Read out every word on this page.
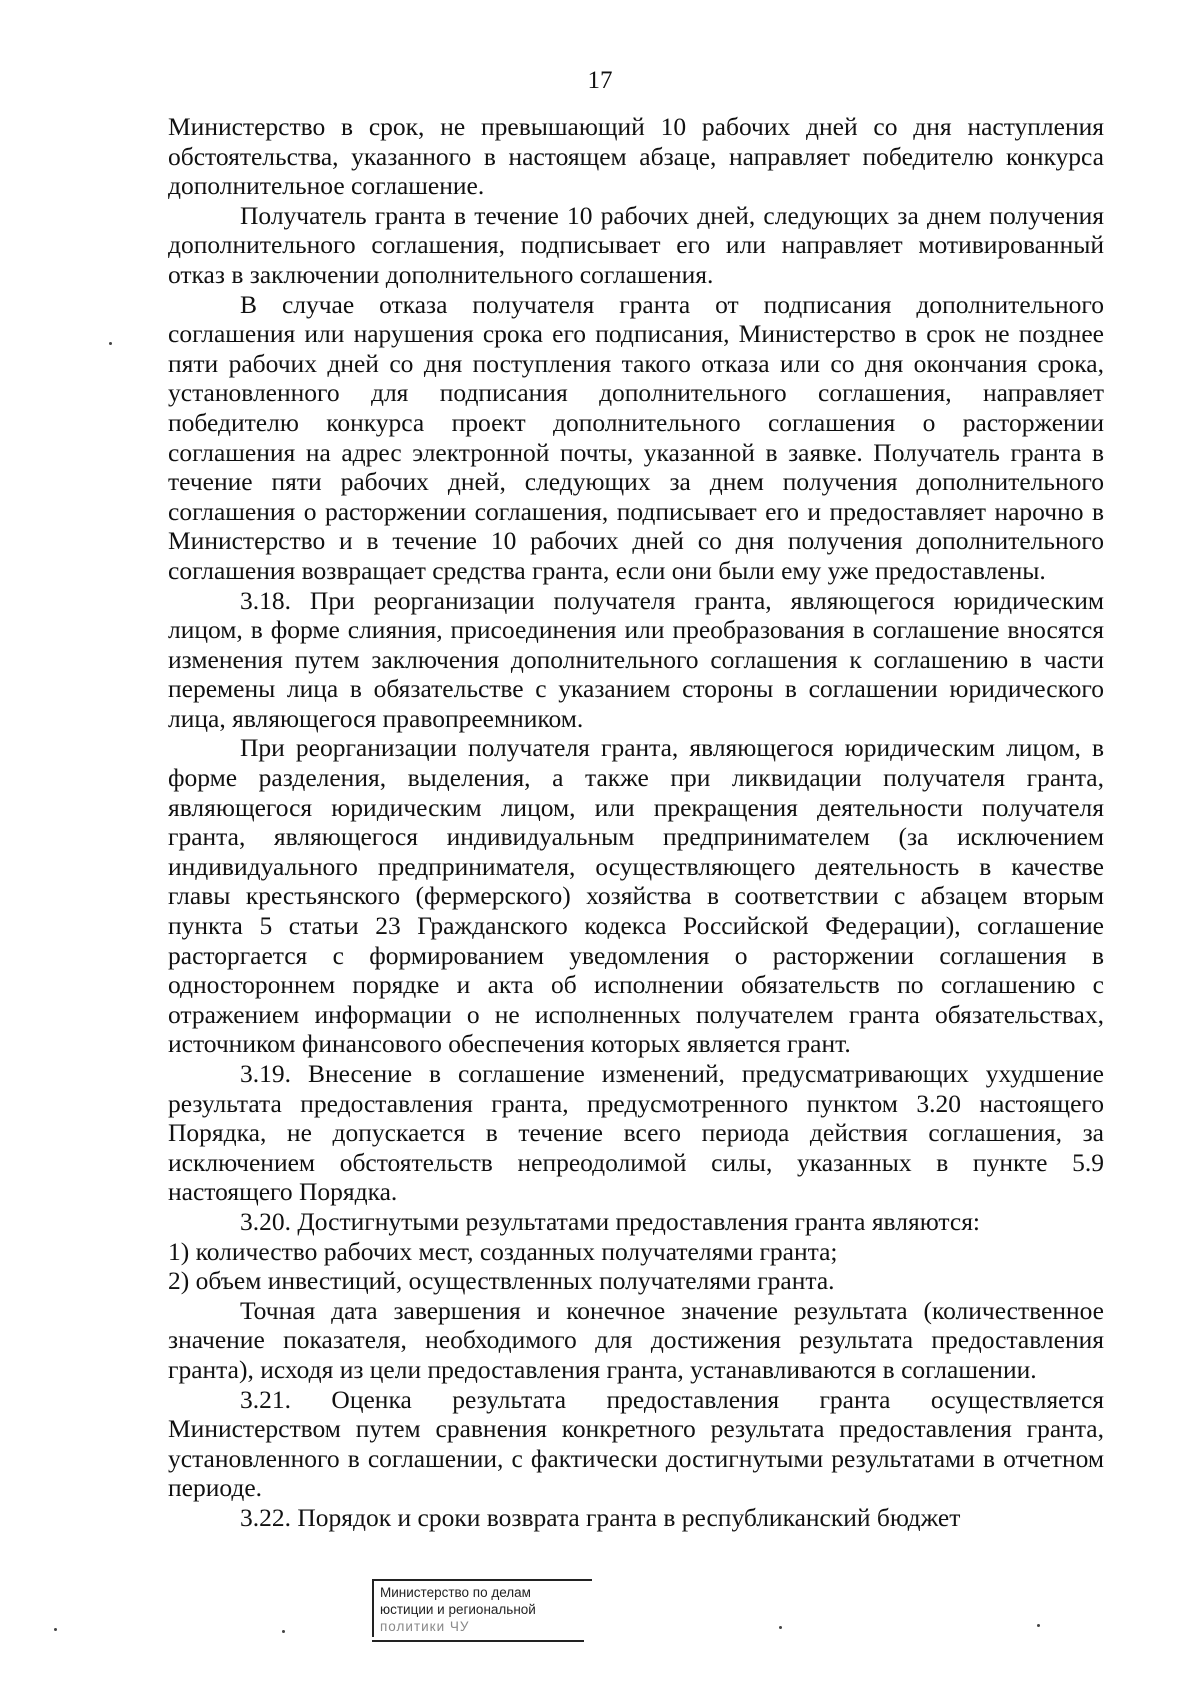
17

Министерство в срок, не превышающий 10 рабочих дней со дня наступления обстоятельства, указанного в настоящем абзаце, направляет победителю конкурса дополнительное соглашение.

Получатель гранта в течение 10 рабочих дней, следующих за днем получения дополнительного соглашения, подписывает его или направляет мотивированный отказ в заключении дополнительного соглашения.

В случае отказа получателя гранта от подписания дополнительного соглашения или нарушения срока его подписания, Министерство в срок не позднее пяти рабочих дней со дня поступления такого отказа или со дня окончания срока, установленного для подписания дополнительного соглашения, направляет победителю конкурса проект дополнительного соглашения о расторжении соглашения на адрес электронной почты, указанной в заявке. Получатель гранта в течение пяти рабочих дней, следующих за днем получения дополнительного соглашения о расторжении соглашения, подписывает его и предоставляет нарочно в Министерство и в течение 10 рабочих дней со дня получения дополнительного соглашения возвращает средства гранта, если они были ему уже предоставлены.

3.18. При реорганизации получателя гранта, являющегося юридическим лицом, в форме слияния, присоединения или преобразования в соглашение вносятся изменения путем заключения дополнительного соглашения к соглашению в части перемены лица в обязательстве с указанием стороны в соглашении юридического лица, являющегося правопреемником.

При реорганизации получателя гранта, являющегося юридическим лицом, в форме разделения, выделения, а также при ликвидации получателя гранта, являющегося юридическим лицом, или прекращения деятельности получателя гранта, являющегося индивидуальным предпринимателем (за исключением индивидуального предпринимателя, осуществляющего деятельность в качестве главы крестьянского (фермерского) хозяйства в соответствии с абзацем вторым пункта 5 статьи 23 Гражданского кодекса Российской Федерации), соглашение расторгается с формированием уведомления о расторжении соглашения в одностороннем порядке и акта об исполнении обязательств по соглашению с отражением информации о не исполненных получателем гранта обязательствах, источником финансового обеспечения которых является грант.

3.19. Внесение в соглашение изменений, предусматривающих ухудшение результата предоставления гранта, предусмотренного пунктом 3.20 настоящего Порядка, не допускается в течение всего периода действия соглашения, за исключением обстоятельств непреодолимой силы, указанных в пункте 5.9 настоящего Порядка.

3.20. Достигнутыми результатами предоставления гранта являются:

1) количество рабочих мест, созданных получателями гранта;

2) объем инвестиций, осуществленных получателями гранта.

Точная дата завершения и конечное значение результата (количественное значение показателя, необходимого для достижения результата предоставления гранта), исходя из цели предоставления гранта, устанавливаются в соглашении.

3.21. Оценка результата предоставления гранта осуществляется Министерством путем сравнения конкретного результата предоставления гранта, установленного в соглашении, с фактически достигнутыми результатами в отчетном периоде.

3.22. Порядок и сроки возврата гранта в республиканский бюджет

Министерство по делам
юстиции и региональной
политики ЧУ
